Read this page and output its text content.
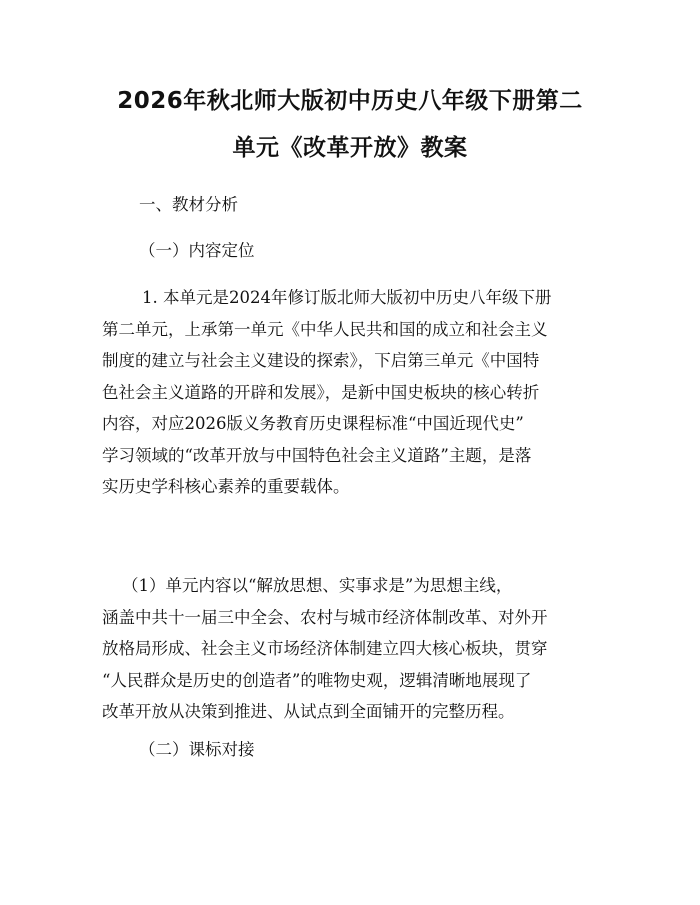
2026年秋北师大版初中历史八年级下册第二
单元《改革开放》教案
一、教材分析
（一）内容定位
1. 本单元是2024年修订版北师大版初中历史八年级下册
第二单元，上承第一单元《中华人民共和国的成立和社会主义
制度的建立与社会主义建设的探索》，下启第三单元《中国特
色社会主义道路的开辟和发展》，是新中国史板块的核心转折
内容，对应2026版义务教育历史课程标准“中国近现代史”
学习领域的“改革开放与中国特色社会主义道路”主题，是落
实历史学科核心素养的重要载体。
（1）单元内容以“解放思想、实事求是”为思想主线，
涵盖中共十一届三中全会、农村与城市经济体制改革、对外开
放格局形成、社会主义市场经济体制建立四大核心板块，贯穿
“人民群众是历史的创造者”的唯物史观，逻辑清晰地展现了
改革开放从决策到推进、从试点到全面铺开的完整历程。
（二）课标对接
